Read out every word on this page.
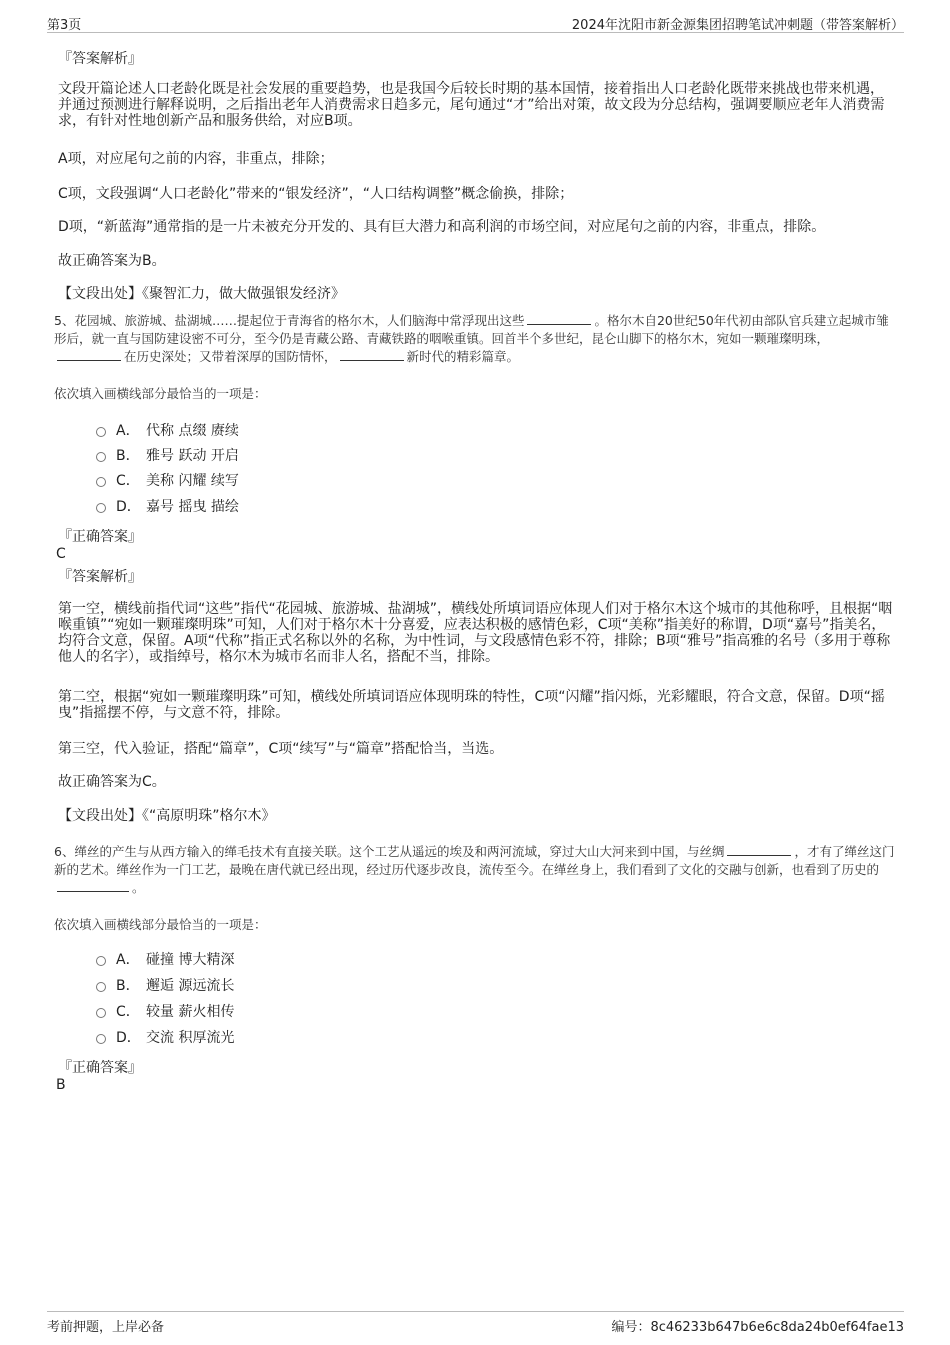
第3页	2024年沈阳市新金源集团招聘笔试冲刺题（带答案解析）
『答案解析』
文段开篇论述人口老龄化既是社会发展的重要趋势，也是我国今后较长时期的基本国情，接着指出人口老龄化既带来挑战也带来机遇，并通过预测进行解释说明，之后指出老年人消费需求日趋多元，尾句通过“才”给出对策，故文段为分总结构，强调要顺应老年人消费需求，有针对性地创新产品和服务供给，对应B项。
A项，对应尾句之前的内容，非重点，排除；
C项，文段强调“人口老龄化”带来的“银发经济”，“人口结构调整”概念偷换，排除；
D项，“新蓝海”通常指的是一片未被充分开发的、具有巨大潜力和高利润的市场空间，对应尾句之前的内容，非重点，排除。
故正确答案为B。
【文段出处】《聚智汇力，做大做强银发经济》
5、花园城、旅游城、盐湖城……提起位于青海省的格尔木，人们脑海中常浮现出这些	。格尔木自20世纪50年代初由部队官兵建立起城市雏形后，就一直与国防建设密不可分，至今仍是青藏公路、青藏铁路的咽喉重镇。回首半个多世纪，昆仑山脚下的格尔木，宛如一颗璀璨明珠，在历史深处；又带着深厚的国防情怀，	新时代的精彩篇章。
依次填入画横线部分最恰当的一项是：
A． 代称 点缀 赓续
B． 雅号 跃动 开启
C． 美称 闪耀 续写
D． 嘉号 摇曳 描绘
『正确答案』
C
『答案解析』
第一空，横线前指代词“这些”指代“花园城、旅游城、盐湖城”，横线处所填词语应体现人们对于格尔木这个城市的其他称呼，且根据“咽喉重镇”“宛如一颗璀璨明珠”可知，人们对于格尔木十分喜爱，应表达积极的感情色彩，C项“美称”指美好的称谓，D项“嘉号”指美名，均符合文意，保留。A项“代称”指正式名称以外的名称，为中性词，与文段感情色彩不符，排除；B项“雅号”指高雅的名号（多用于尊称他人的名字），或指绰号，格尔木为城市名而非人名，搭配不当，排除。
第二空，根据“宛如一颗璀璨明珠”可知，横线处所填词语应体现明珠的特性，C项“闪耀”指闪烁，光彩耀眼，符合文意，保留。D项“摇曳”指摇摆不停，与文意不符，排除。
第三空，代入验证，搭配“篇章”，C项“续写”与“篇章”搭配恰当，当选。
故正确答案为C。
【文段出处】《“高原明珠”格尔木》
6、缂丝的产生与从西方输入的缂毛技术有直接关联。这个工艺从遥远的埃及和两河流域，穿过大山大河来到中国，与丝绸	，才有了缂丝这门新的艺术。缂丝作为一门工艺，最晚在唐代就已经出现，经过历代逐步改良，流传至今。在缂丝身上，我们看到了文化的交融与创新，也看到了历史的。
依次填入画横线部分最恰当的一项是：
A． 碰撞 博大精深
B． 邂逅 源远流长
C． 较量 薪火相传
D． 交流 积厚流光
『正确答案』
B
考前押题，上岸必备	编号：8c46233b647b6e6c8da24b0ef64fae13
